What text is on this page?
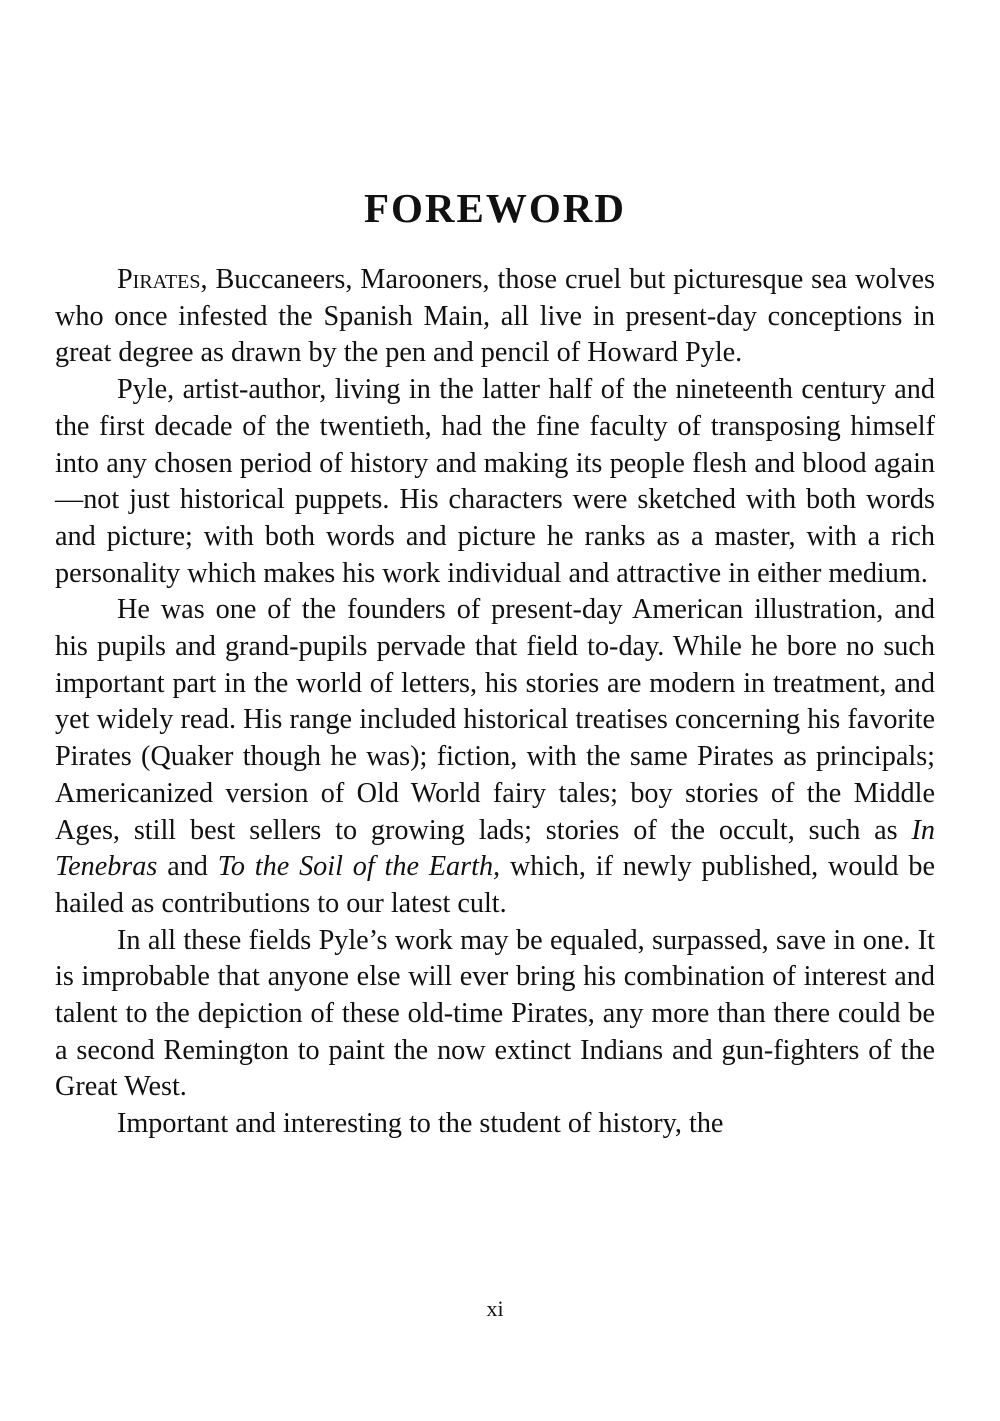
FOREWORD

Pirates, Buccaneers, Marooners, those cruel but picturesque sea wolves who once infested the Spanish Main, all live in present-day conceptions in great degree as drawn by the pen and pencil of Howard Pyle.

Pyle, artist-author, living in the latter half of the nineteenth century and the first decade of the twentieth, had the fine faculty of transposing himself into any chosen period of history and making its people flesh and blood again—not just historical puppets. His characters were sketched with both words and picture; with both words and picture he ranks as a master, with a rich personality which makes his work individual and attractive in either medium.

He was one of the founders of present-day American illustration, and his pupils and grand-pupils pervade that field to-day. While he bore no such important part in the world of letters, his stories are modern in treatment, and yet widely read. His range included historical treatises concerning his favorite Pirates (Quaker though he was); fiction, with the same Pirates as principals; Americanized version of Old World fairy tales; boy stories of the Middle Ages, still best sellers to growing lads; stories of the occult, such as In Tenebras and To the Soil of the Earth, which, if newly published, would be hailed as contributions to our latest cult.

In all these fields Pyle’s work may be equaled, surpassed, save in one. It is improbable that anyone else will ever bring his combination of interest and talent to the depiction of these old-time Pirates, any more than there could be a second Remington to paint the now extinct Indians and gun-fighters of the Great West.

Important and interesting to the student of history, the

xi
